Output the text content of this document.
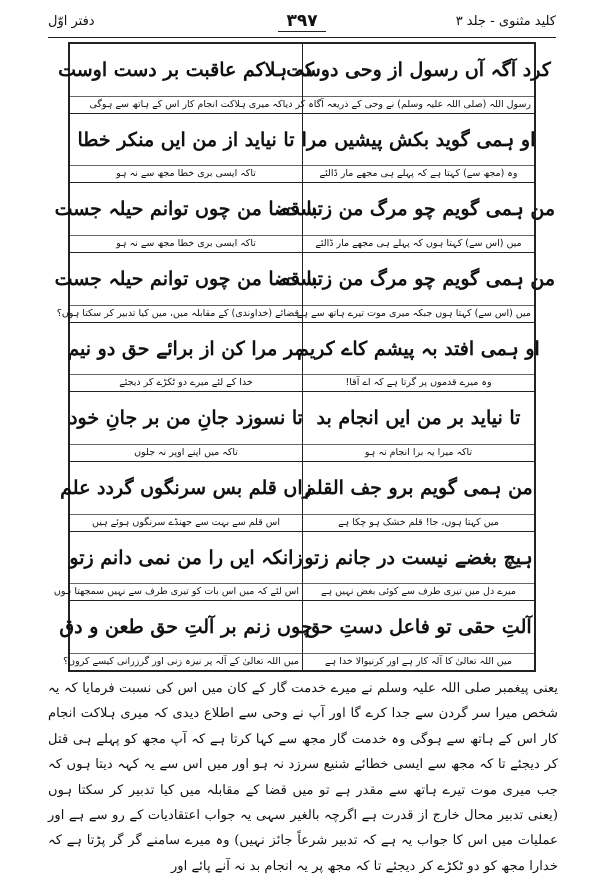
کلید مثنوی - جلد ۳
۳۹۷
دفتر اوّل
کرد آگہ آں رسول از وحی دوست
رسول اللہ (صلی اللہ علیہ وسلم) نے وحی کے ذریعہ آگاہ کر دیا
کہ ہلاکم عاقبت بر دست اوست
کہ میری ہلاکت انجام کار اس کے ہاتھ سے ہوگی
او ہمی گوید بکش پیشیں مرا
وہ (مجھ سے) کہتا ہے کہ پہلے ہی مجھے مار ڈالئے
تا نیاید از من ایں منکر خطا
تاکہ ایسی بری خطا مجھ سے نہ ہو
من ہمی گویم چو مرگ من زتست
میں (اس سے) کہتا ہوں کہ پہلے ہی مجھے مار ڈالئے
با قضا من چوں توانم حیلہ جست
تاکہ ایسی بری خطا مجھ سے نہ ہو
من ہمی گویم چو مرگ من زتست
میں (اس سے) کہتا ہوں جبکہ میری موت تیرے ہاتھ سے ہے
با قضا من چوں توانم حیلہ جست
قضائے (خداوندی) کے مقابلہ میں، میں کیا تدبیر کر سکتا ہوں؟
او ہمی افتد بہ پیشم کاے کریم
وہ میرے قدموں پر گرتا ہے کہ اے آقا!
مر مرا کن از برائے حق دو نیم
خدا کے لئے میرے دو ٹکڑے کر دیجئے
تا نیاید بر من ایں انجام بد
تاکہ میرا یہ برا انجام نہ ہو
تا نسوزد جانِ من بر جانِ خود
تاکہ میں اپنے اوپر نہ جلوں
من ہمی گویم برو جف القلم
میں کہتا ہوں، جا! قلم خشک ہو چکا ہے
زاں قلم بس سرنگوں گردد علم
اس قلم سے بہت سے جھنڈے سرنگوں ہوئے ہیں
ہیچ بغضے نیست در جانم زتو
میرے دل میں تیری طرف سے کوئی بغض نہیں ہے
زانکہ ایں را من نمی دانم زتو
اس لئے کہ میں اس بات کو تیری طرف سے نہیں سمجھتا ہوں
آلتِ حقی تو فاعل دستِ حق
میں اللہ تعالیٰ کا آلہ کار ہے اور کرنیوالا خدا ہے
چوں زنم بر آلتِ حق طعن و دق
میں اللہ تعالیٰ کے آلہ پر نیزہ زنی اور گرزرانی کیسے کروں؟

یعنی پیغمبر صلی اللہ علیہ وسلم نے میرے خدمت گار کے کان میں اس کی نسبت فرمایا کہ یہ شخص میرا سر گردن سے جدا کرے گا اور آپ نے وحی سے اطلاع دیدی کہ میری ہلاکت انجام کار اس کے ہاتھ سے ہوگی وہ خدمت گار مجھ سے کہا کرتا ہے کہ آپ مجھ کو پہلے ہی قتل کر دیجئے تا کہ مجھ سے ایسی خطائے شنیع سرزد نہ ہو اور میں اس سے یہ کہہ دیتا ہوں کہ جب میری موت تیرے ہاتھ سے مقدر ہے تو میں قضا کے مقابلہ میں کیا تدبیر کر سکتا ہوں (یعنی تدبیر محال خارج از قدرت ہے اگرچہ بالغیر سہی یہ جواب اعتقادیات کے رو سے ہے اور عملیات میں اس کا جواب یہ ہے کہ تدبیر شرعاً جائز نہیں) وہ میرے سامنے گر گر پڑتا ہے کہ خدارا مجھ کو دو ٹکڑے کر دیجئے تا کہ مجھ پر یہ انجام بد نہ آنے پائے اور
